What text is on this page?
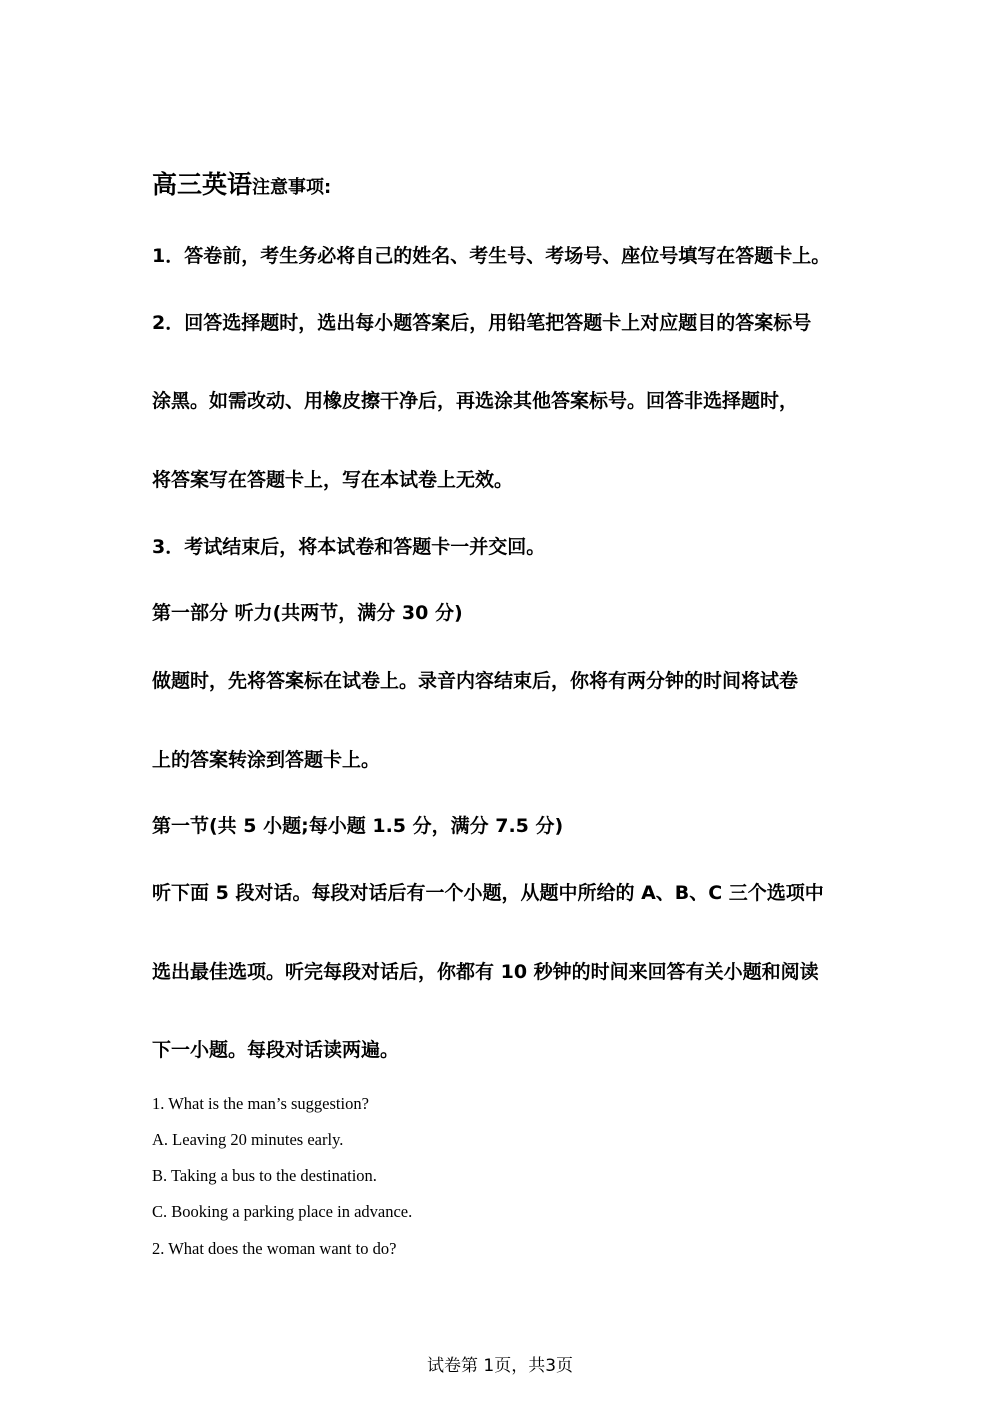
高三英语注意事项:
1．答卷前，考生务必将自己的姓名、考生号、考场号、座位号填写在答题卡上。
2．回答选择题时，选出每小题答案后，用铅笔把答题卡上对应题目的答案标号
涂黑。如需改动、用橡皮擦干净后，再选涂其他答案标号。回答非选择题时，
将答案写在答题卡上，写在本试卷上无效。
3．考试结束后，将本试卷和答题卡一并交回。
第一部分 听力(共两节，满分 30 分)
做题时，先将答案标在试卷上。录音内容结束后，你将有两分钟的时间将试卷
上的答案转涂到答题卡上。
第一节(共 5 小题;每小题 1.5 分，满分 7.5 分)
听下面 5 段对话。每段对话后有一个小题，从题中所给的 A、B、C 三个选项中
选出最佳选项。听完每段对话后，你都有 10 秒钟的时间来回答有关小题和阅读
下一小题。每段对话读两遍。
1. What is the man’s suggestion?
A. Leaving 20 minutes early.
B. Taking a bus to the destination.
C. Booking a parking place in advance.
2. What does the woman want to do?
试卷第 1页，共3页
